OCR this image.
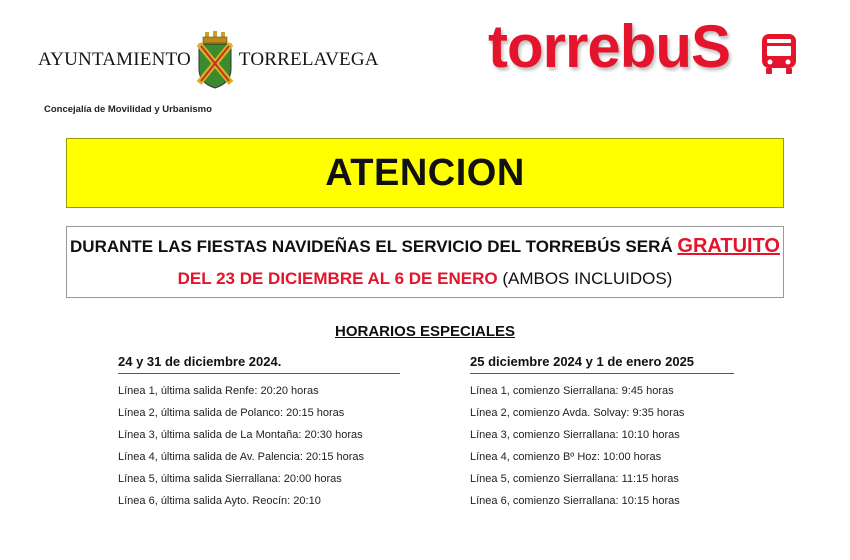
AYUNTAMIENTO	TORRELAVEGA
Concejalía de Movilidad y Urbanismo
torrebuS
ATENCION
DURANTE LAS FIESTAS NAVIDEÑAS EL SERVICIO DEL TORREBÚS SERÁ GRATUITO
DEL 23 DE DICIEMBRE AL 6 DE ENERO (AMBOS INCLUIDOS)
HORARIOS ESPECIALES
24 y 31 de diciembre 2024.
Línea 1, última salida Renfe: 20:20 horas
Línea 2, última salida de Polanco: 20:15 horas
Línea 3, última salida de La Montaña: 20:30 horas
Línea 4, última salida de Av. Palencia: 20:15 horas
Línea 5, última salida Sierrallana: 20:00 horas
Línea 6, última salida Ayto. Reocín: 20:10
25 diciembre 2024 y 1 de enero 2025
Línea 1, comienzo Sierrallana: 9:45 horas
Línea 2, comienzo Avda. Solvay: 9:35 horas
Línea 3, comienzo Sierrallana: 10:10 horas
Línea 4, comienzo Bº Hoz: 10:00 horas
Línea 5, comienzo Sierrallana: 11:15 horas
Línea 6, comienzo Sierrallana: 10:15 horas
